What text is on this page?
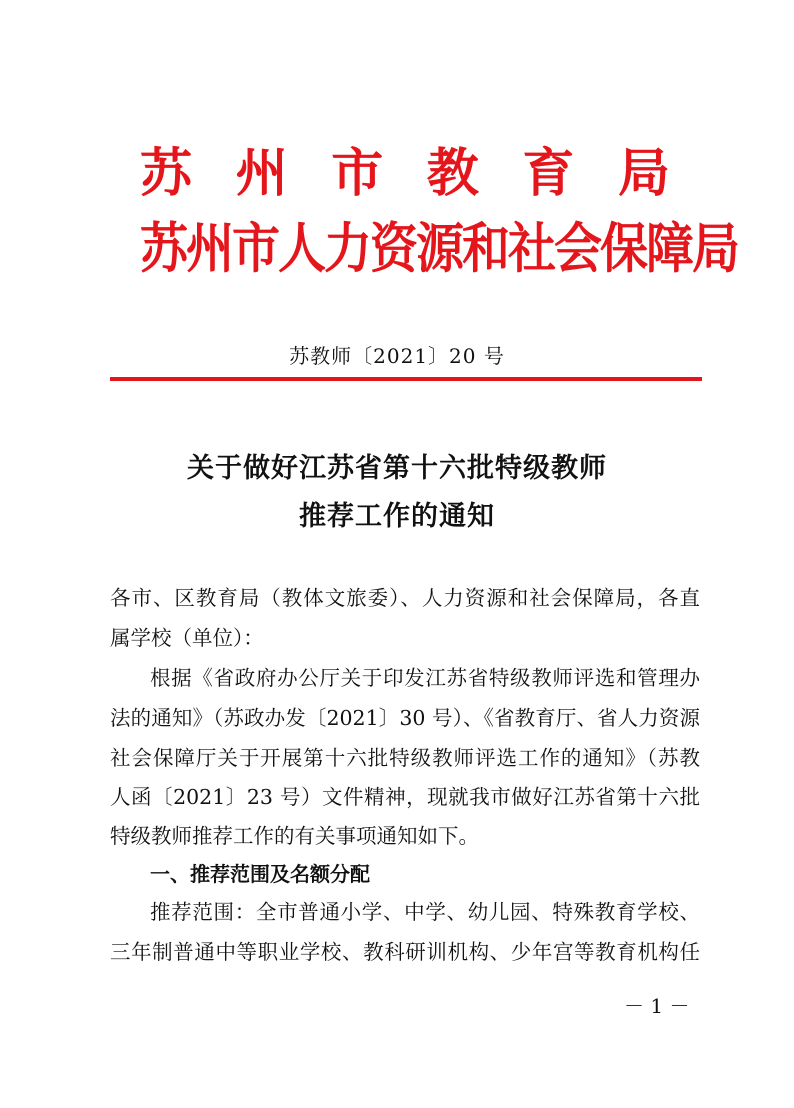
苏 州 市 教 育 局
苏州市人力资源和社会保障局
苏教师〔2021〕20 号
关于做好江苏省第十六批特级教师
推荐工作的通知
各市、区教育局（教体文旅委）、人力资源和社会保障局，各直
属学校（单位）：
根据《省政府办公厅关于印发江苏省特级教师评选和管理办
法的通知》（苏政办发〔2021〕30 号）、《省教育厅、省人力资源
社会保障厅关于开展第十六批特级教师评选工作的通知》（苏教
人函〔2021〕23 号）文件精神，现就我市做好江苏省第十六批
特级教师推荐工作的有关事项通知如下。
一、推荐范围及名额分配
推荐范围：全市普通小学、中学、幼儿园、特殊教育学校、
三年制普通中等职业学校、教科研训机构、少年宫等教育机构任
－ 1 －
